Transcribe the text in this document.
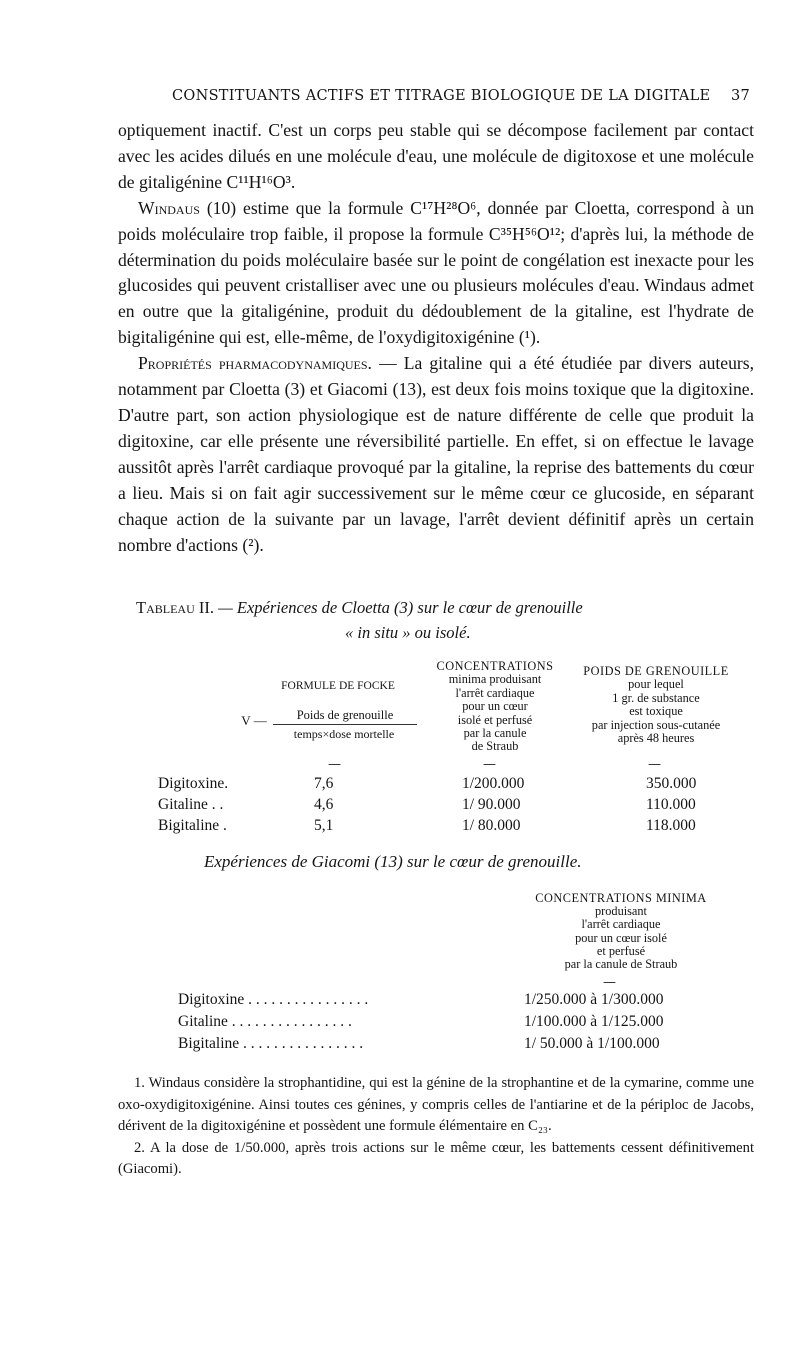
CONSTITUANTS ACTIFS ET TITRAGE BIOLOGIQUE DE LA DIGITALE 37

optiquement inactif. C'est un corps peu stable qui se décompose facilement par contact avec les acides dilués en une molécule d'eau, une molécule de digitoxose et une molécule de gitaligénine C¹¹H¹⁶O³.

Windaus (10) estime que la formule C¹⁷H²⁸O⁶, donnée par Cloetta, correspond à un poids moléculaire trop faible, il propose la formule C³⁵H⁵⁶O¹²; d'après lui, la méthode de détermination du poids moléculaire basée sur le point de congélation est inexacte pour les glucosides qui peuvent cristalliser avec une ou plusieurs molécules d'eau. Windaus admet en outre que la gitaligénine, produit du dédoublement de la gitaline, est l'hydrate de bigitaligénine qui est, elle-même, de l'oxydigitoxigénine (¹).

Propriétés pharmacodynamiques. — La gitaline qui a été étudiée par divers auteurs, notamment par Cloetta (3) et Giacomi (13), est deux fois moins toxique que la digitoxine. D'autre part, son action physiologique est de nature différente de celle que produit la digitoxine, car elle présente une réversibilité partielle. En effet, si on effectue le lavage aussitôt après l'arrêt cardiaque provoqué par la gitaline, la reprise des battements du cœur a lieu. Mais si on fait agir successivement sur le même cœur ce glucoside, en séparant chaque action de la suivante par un lavage, l'arrêt devient définitif après un certain nombre d'actions (²).

Tableau II. — Expériences de Cloetta (3) sur le cœur de grenouille
« in situ » ou isolé.
FORMULE DE FOCKE
Poids de grenouille
temps×dose mortelle
V —
CONCENTRATIONS
minima produisant
l'arrêt cardiaque
pour un cœur
isolé et perfusé
par la canule
de Straub
POIDS DE GRENOUILLE
pour lequel
1 gr. de substance
est toxique
par injection sous-cutanée
après 48 heures
—	—	—
Digitoxine.	7,6	1/200.000	350.000
Gitaline . .	4,6	1/ 90.000	110.000
Bigitaline .	5,1	1/ 80.000	118.000
Expériences de Giacomi (13) sur le cœur de grenouille.
CONCENTRATIONS MINIMA
produisant
l'arrêt cardiaque
pour un cœur isolé
et perfusé
par la canule de Straub
—
Digitoxine . . . . . . . . . . . . . . . .	1/250.000 à 1/300.000
Gitaline . . . . . . . . . . . . . . . .	1/100.000 à 1/125.000
Bigitaline . . . . . . . . . . . . . . . .	1/ 50.000 à 1/100.000

1. Windaus considère la strophantidine, qui est la génine de la strophantine et de la cymarine, comme une oxo-oxydigitoxigénine. Ainsi toutes ces génines, y compris celles de l'antiarine et de la périploc de Jacobs, dérivent de la digitoxigénine et possèdent une formule élémentaire en C₂₃.

2. A la dose de 1/50.000, après trois actions sur le même cœur, les battements cessent définitivement (Giacomi).
